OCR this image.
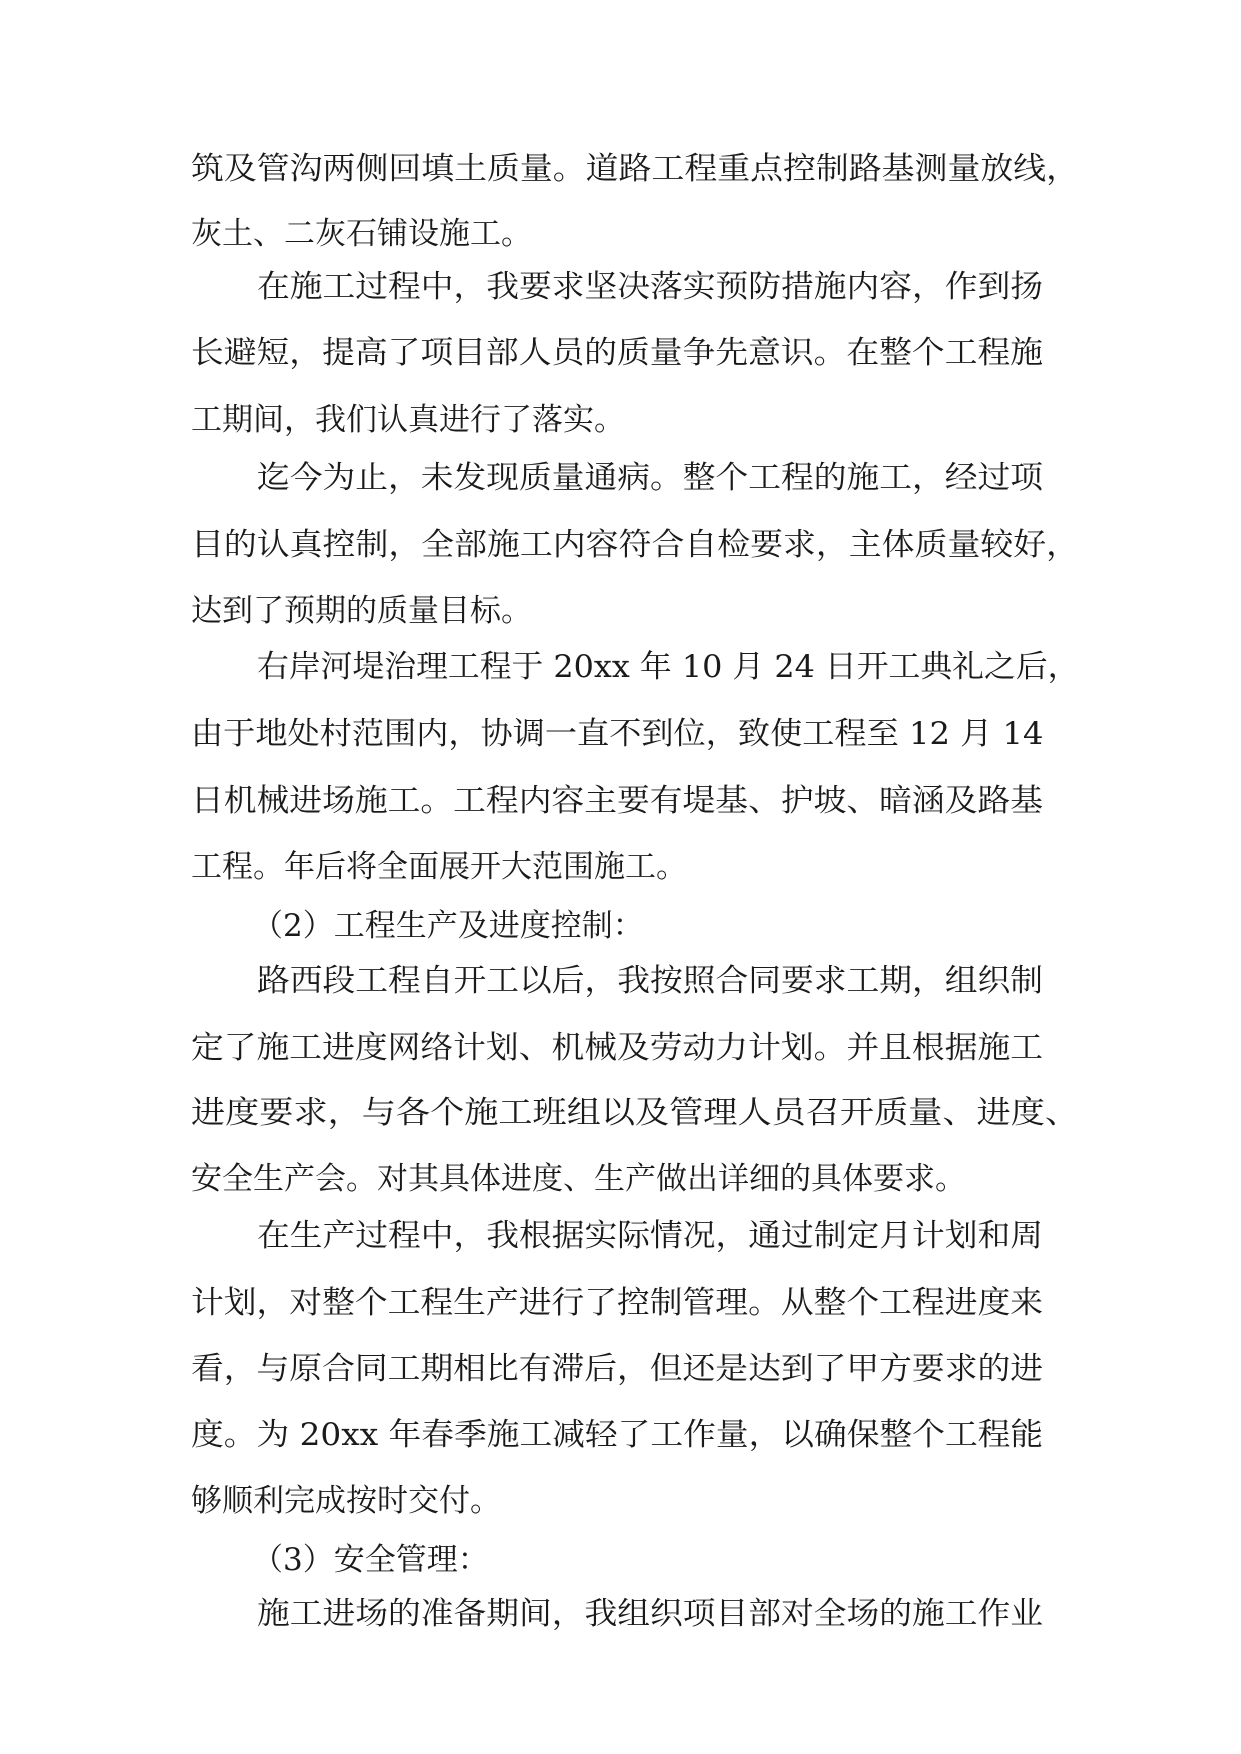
筑及管沟两侧回填土质量。道路工程重点控制路基测量放线，
灰土、二灰石铺设施工。
在施工过程中，我要求坚决落实预防措施内容，作到扬
长避短，提高了项目部人员的质量争先意识。在整个工程施
工期间，我们认真进行了落实。
迄今为止，未发现质量通病。整个工程的施工，经过项
目的认真控制，全部施工内容符合自检要求，主体质量较好，
达到了预期的质量目标。
右岸河堤治理工程于 20xx 年 10 月 24 日开工典礼之后，
由于地处村范围内，协调一直不到位，致使工程至 12 月 14
日机械进场施工。工程内容主要有堤基、护坡、暗涵及路基
工程。年后将全面展开大范围施工。
（2）工程生产及进度控制：
路西段工程自开工以后，我按照合同要求工期，组织制
定了施工进度网络计划、机械及劳动力计划。并且根据施工
进度要求，与各个施工班组以及管理人员召开质量、进度、
安全生产会。对其具体进度、生产做出详细的具体要求。
在生产过程中，我根据实际情况，通过制定月计划和周
计划，对整个工程生产进行了控制管理。从整个工程进度来
看，与原合同工期相比有滞后，但还是达到了甲方要求的进
度。为 20xx 年春季施工减轻了工作量，以确保整个工程能
够顺利完成按时交付。
（3）安全管理：
施工进场的准备期间，我组织项目部对全场的施工作业
